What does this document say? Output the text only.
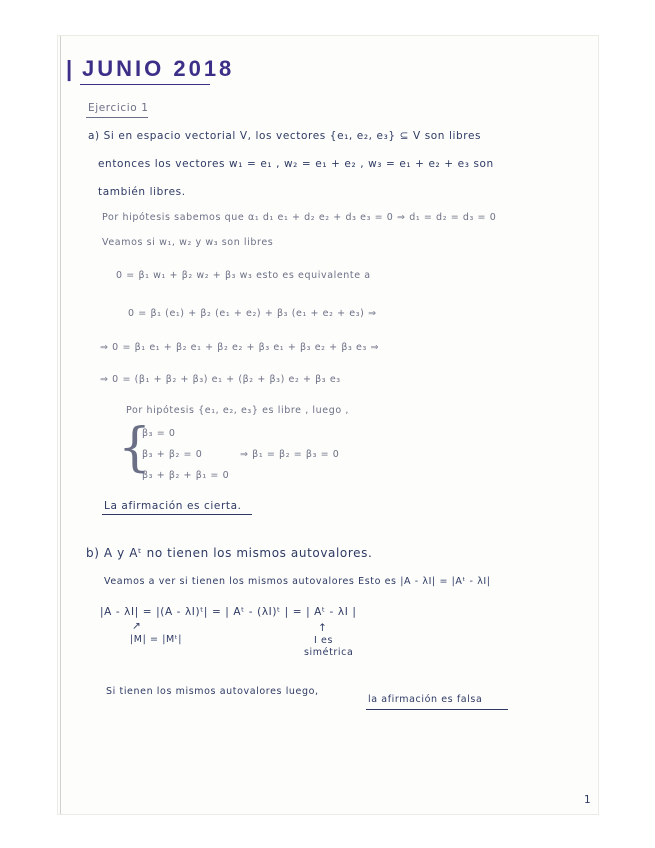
| JUNIO 2018
Ejercicio 1
a) Si en espacio vectorial V, los vectores {e₁, e₂, e₃} ⊆ V son libres
entonces los vectores w₁ = e₁ , w₂ = e₁ + e₂ , w₃ = e₁ + e₂ + e₃ son
también libres.
Por hipótesis sabemos que α₁ d₁ e₁ + d₂ e₂ + d₃ e₃ = 0 ⇒ d₁ = d₂ = d₃ = 0
Veamos si w₁, w₂ y w₃ son libres
0 = β₁ w₁ + β₂ w₂ + β₃ w₃ esto es equivalente a
0 = β₁ (e₁) + β₂ (e₁ + e₂) + β₃ (e₁ + e₂ + e₃) ⇒
⇒ 0 = β₁ e₁ + β₂ e₁ + β₂ e₂ + β₃ e₁ + β₃ e₂ + β₃ e₃ ⇒
⇒ 0 = (β₁ + β₂ + β₃) e₁ + (β₂ + β₃) e₂ + β₃ e₃
Por hipótesis {e₁, e₂, e₃} es libre , luego ,
{
β₃ = 0
β₃ + β₂ = 0
β₃ + β₂ + β₁ = 0
⇒ β₁ = β₂ = β₃ = 0
La afirmación es cierta.
b) A y Aᵗ no tienen los mismos autovalores.
Veamos a ver si tienen los mismos autovalores Esto es |A - λI| = |Aᵗ - λI|
|A - λI| = |(A - λI)ᵗ| = | Aᵗ - (λI)ᵗ | = | Aᵗ - λI |
↗
|M| = |Mᵗ|
↑
I es
simétrica
Si tienen los mismos autovalores luego,
la afirmación es falsa
1
